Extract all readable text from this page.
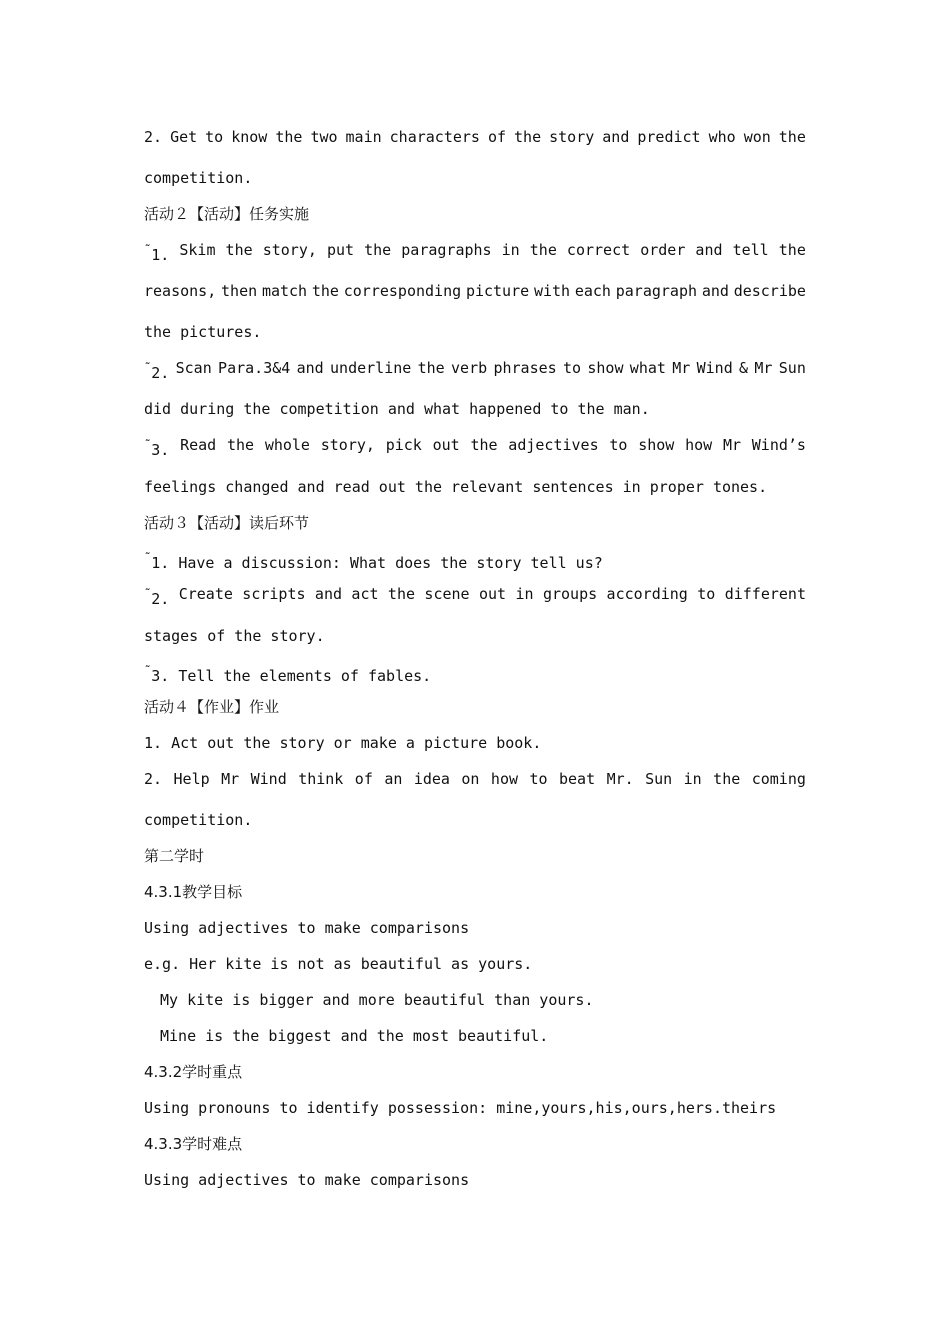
2. Get to know the two main characters of the story and predict who won the
competition.
活动２【活动】任务实施
˜1. Skim the story, put the paragraphs in the correct order and tell the
reasons, then match the corresponding picture with each paragraph and describe
the pictures.
˜2. Scan Para.3&4 and underline the verb phrases to show what Mr Wind & Mr Sun
did during the competition and what happened to the man.
˜3. Read the whole story, pick out the adjectives to show how Mr Wind’s
feelings changed and read out the relevant sentences in proper tones.
活动３【活动】读后环节
˜1. Have a discussion: What does the story tell us?
˜2. Create scripts and act the scene out in groups according to different
stages of the story.
˜3. Tell the elements of fables.
活动４【作业】作业
1. Act out the story or make a picture book.
2. Help Mr Wind think of an idea on how to beat Mr. Sun in the coming
competition.
第二学时
4.3.1教学目标
Using adjectives to make comparisons
e.g. Her kite is not as beautiful as yours.
My kite is bigger and more beautiful than yours.
Mine is the biggest and the most beautiful.
4.3.2学时重点
Using pronouns to identify possession: mine,yours,his,ours,hers.theirs
4.3.3学时难点
Using adjectives to make comparisons
